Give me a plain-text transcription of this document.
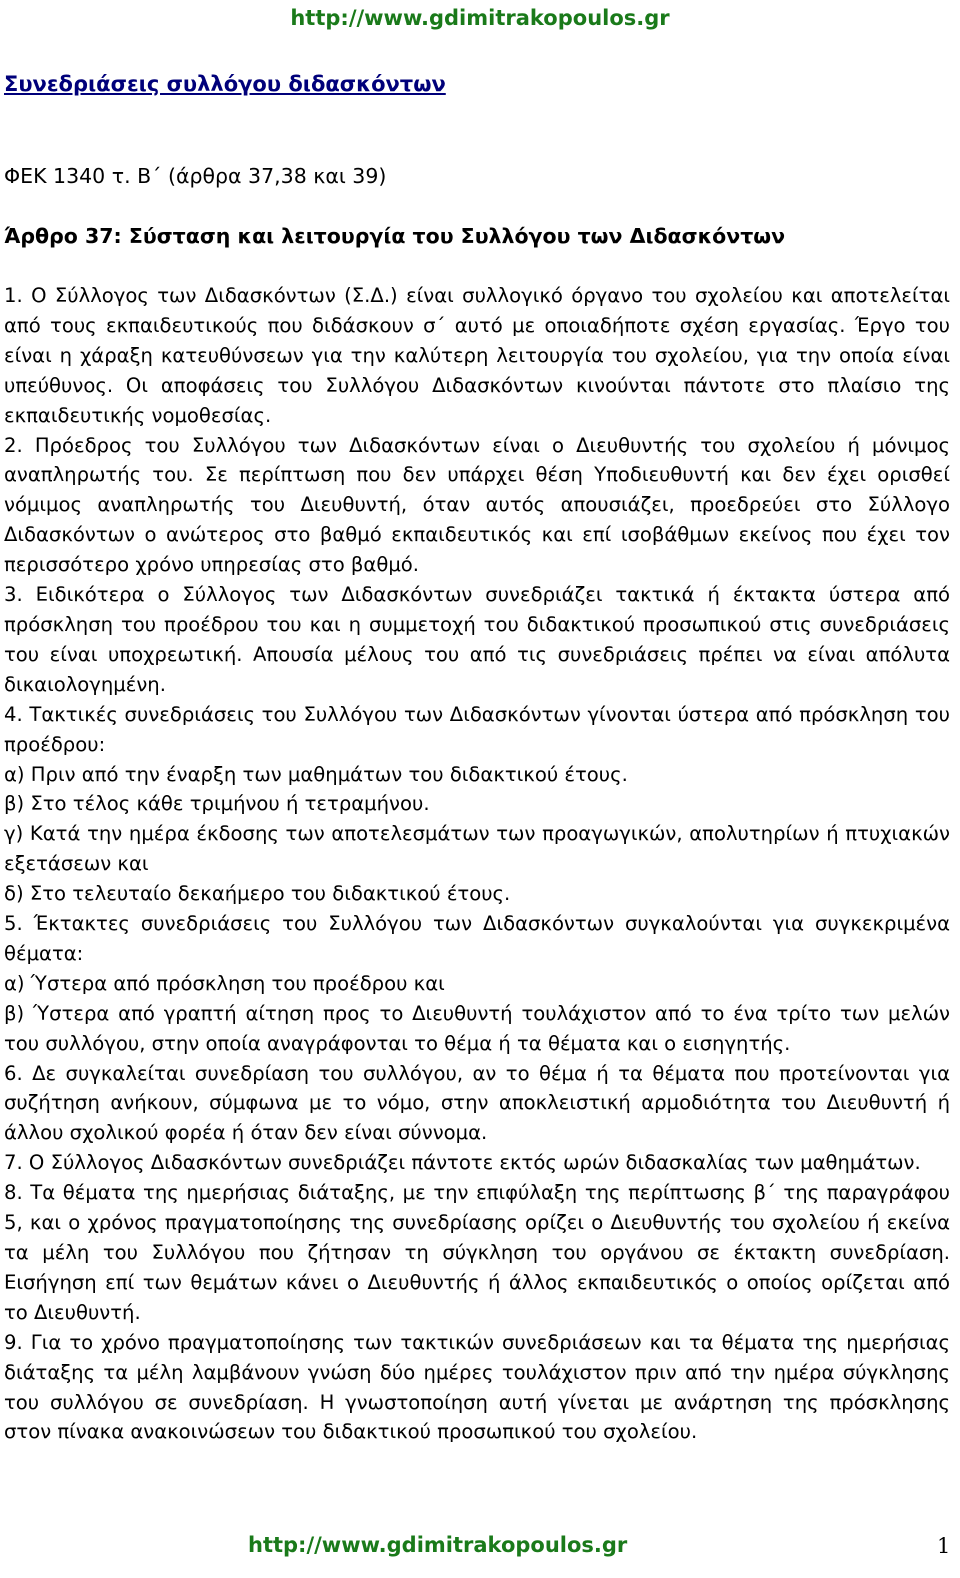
http://www.gdimitrakopoulos.gr
Συνεδριάσεις συλλόγου διδασκόντων

ΦΕΚ 1340 τ. Β΄ (άρθρα 37,38 και 39)

Άρθρο 37: Σύσταση και λειτουργία του Συλλόγου των Διδασκόντων

1. Ο Σύλλογος των Διδασκόντων (Σ.Δ.) είναι συλλογικό όργανο του σχολείου και αποτελείται από τους εκπαιδευτικούς που διδάσκουν σ΄ αυτό με οποιαδήποτε σχέση εργασίας. Έργο του είναι η χάραξη κατευθύνσεων για την καλύτερη λειτουργία του σχολείου, για την οποία είναι υπεύθυνος. Οι αποφάσεις του Συλλόγου Διδασκόντων κινούνται πάντοτε στο πλαίσιο της εκπαιδευτικής νομοθεσίας.

2. Πρόεδρος του Συλλόγου των Διδασκόντων είναι ο Διευθυντής του σχολείου ή μόνιμος αναπληρωτής του. Σε περίπτωση που δεν υπάρχει θέση Υποδιευθυντή και δεν έχει ορισθεί νόμιμος αναπληρωτής του Διευθυντή, όταν αυτός απουσιάζει, προεδρεύει στο Σύλλογο Διδασκόντων ο ανώτερος στο βαθμό εκπαιδευτικός και επί ισοβάθμων εκείνος που έχει τον περισσότερο χρόνο υπηρεσίας στο βαθμό.

3. Ειδικότερα ο Σύλλογος των Διδασκόντων συνεδριάζει τακτικά ή έκτακτα ύστερα από πρόσκληση του προέδρου του και η συμμετοχή του διδακτικού προσωπικού στις συνεδριάσεις του είναι υποχρεωτική. Απουσία μέλους του από τις συνεδριάσεις πρέπει να είναι απόλυτα δικαιολογημένη.

4. Τακτικές συνεδριάσεις του Συλλόγου των Διδασκόντων γίνονται ύστερα από πρόσκληση του προέδρου:

α) Πριν από την έναρξη των μαθημάτων του διδακτικού έτους.

β) Στο τέλος κάθε τριμήνου ή τετραμήνου.

γ) Κατά την ημέρα έκδοσης των αποτελεσμάτων των προαγωγικών, απολυτηρίων ή πτυχιακών εξετάσεων και

δ) Στο τελευταίο δεκαήμερο του διδακτικού έτους.

5. Έκτακτες συνεδριάσεις του Συλλόγου των Διδασκόντων συγκαλούνται για συγκεκριμένα θέματα:

α) Ύστερα από πρόσκληση του προέδρου και

β) Ύστερα από γραπτή αίτηση προς το Διευθυντή τουλάχιστον από το ένα τρίτο των μελών του συλλόγου, στην οποία αναγράφονται το θέμα ή τα θέματα και ο εισηγητής.

6. Δε συγκαλείται συνεδρίαση του συλλόγου, αν το θέμα ή τα θέματα που προτείνονται για συζήτηση ανήκουν, σύμφωνα με το νόμο, στην αποκλειστική αρμοδιότητα του Διευθυντή ή άλλου σχολικού φορέα ή όταν δεν είναι σύννομα.

7. Ο Σύλλογος Διδασκόντων συνεδριάζει πάντοτε εκτός ωρών διδασκαλίας των μαθημάτων.

8. Τα θέματα της ημερήσιας διάταξης, με την επιφύλαξη της περίπτωσης β΄ της παραγράφου 5, και ο χρόνος πραγματοποίησης της συνεδρίασης ορίζει ο Διευθυντής του σχολείου ή εκείνα τα μέλη του Συλλόγου που ζήτησαν τη σύγκληση του οργάνου σε έκτακτη συνεδρίαση. Εισήγηση επί των θεμάτων κάνει ο Διευθυντής ή άλλος εκπαιδευτικός ο οποίος ορίζεται από το Διευθυντή.

9. Για το χρόνο πραγματοποίησης των τακτικών συνεδριάσεων και τα θέματα της ημερήσιας διάταξης τα μέλη λαμβάνουν γνώση δύο ημέρες τουλάχιστον πριν από την ημέρα σύγκλησης του συλλόγου σε συνεδρίαση. Η γνωστοποίηση αυτή γίνεται με ανάρτηση της πρόσκλησης στον πίνακα ανακοινώσεων του διδακτικού προσωπικού του σχολείου.

http://www.gdimitrakopoulos.gr	1
